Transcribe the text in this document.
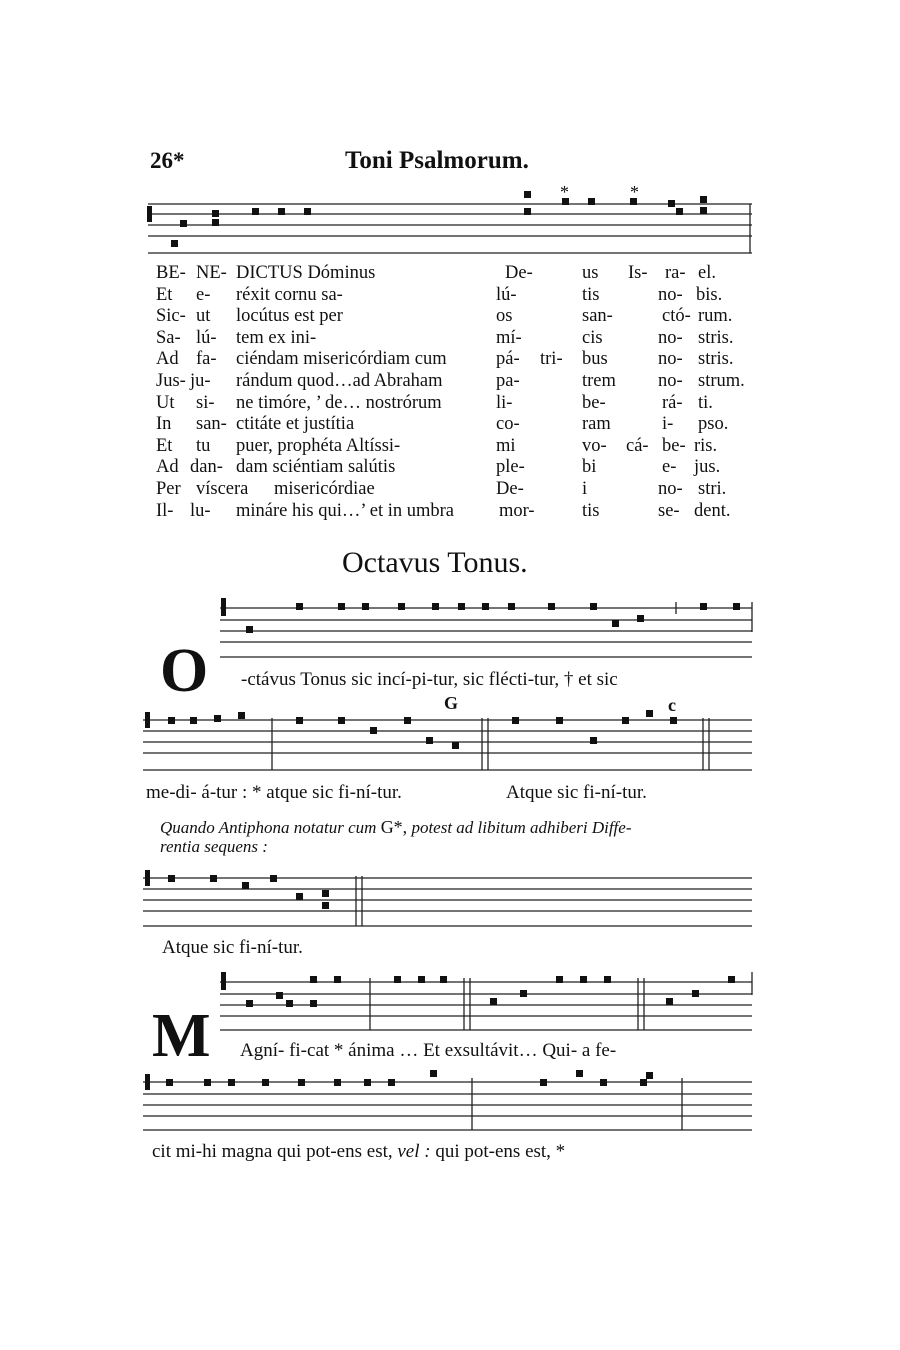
26*	Toni Psalmorum.
*	*
BE- NE- DICTUS Dóminus	De-	us Is- ra- el.
Et e- réxit cornu sa-	lú-	tis	no- bis.
Sic- ut locútus est per	os	san-	ctó- rum.
Sa- lú- tem ex ini-	mí-	cis	no- stris.
Ad fa- ciéndam misericórdiam cum	pá- tri- bus	no- stris.
Jus- ju- rándum quod…ad Abraham	pa-	trem no- strum.
Ut si- ne timóre, ’ de… nostrórum	li-	be-	rá- ti.
In san- ctitáte et justítia	co-	ram	i- pso.
Et tu puer, prophéta Altíssi-	mi	vo- cá- be- ris.
Ad dan- dam sciéntiam salútis	ple-	bi	e- jus.
Per víscera misericórdiae	De-	i	no- stri.
Il- lu- mináre his qui…’ et in umbra mor-	tis	se- dent.
Octavus Tonus.
O -ctávus Tonus sic incí-pi-tur, sic flécti-tur, † et sic
G	c
me-di- á-tur : * atque sic fi-ní-tur.	Atque sic fi-ní-tur.
Quando Antiphona notatur cum G*, potest ad libitum adhiberi Diffe-
rentia sequens :
Atque sic fi-ní-tur.
M Agní- fi-cat * ánima … Et exsultávit… Qui- a fe-
cit mi-hi magna qui pot-ens est, vel : qui pot-ens est, *
